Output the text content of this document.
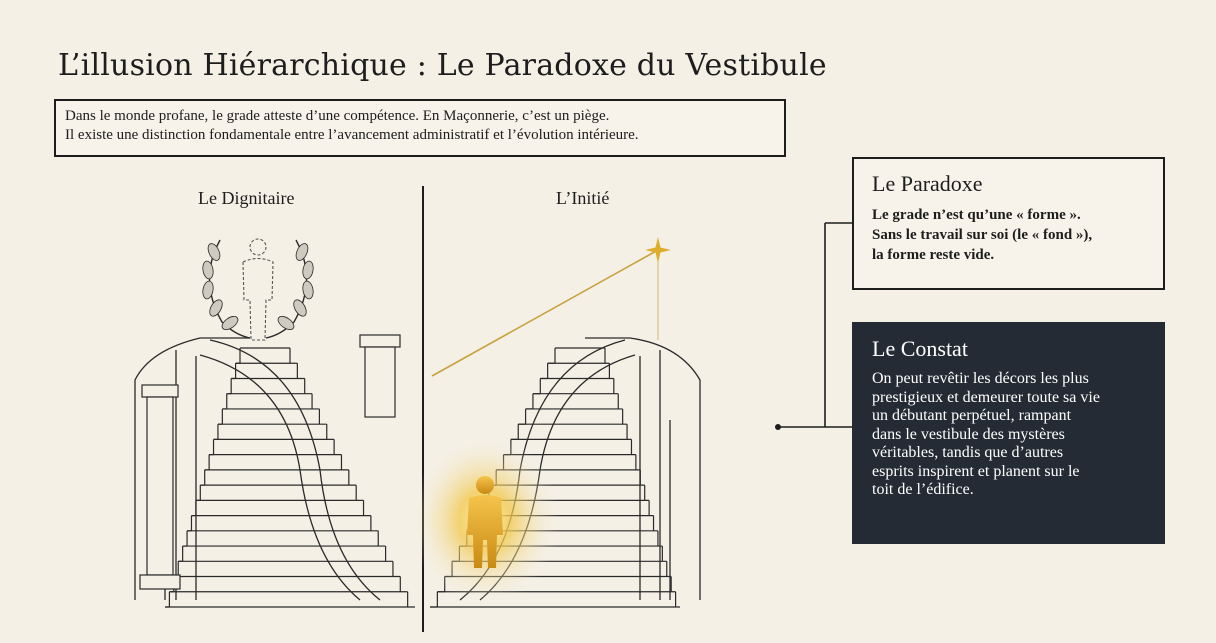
L’illusion Hiérarchique : Le Paradoxe du Vestibule
Dans le monde profane, le grade atteste d’une compétence. En Maçonnerie, c’est un piège.
Il existe une distinction fondamentale entre l’avancement administratif et l’évolution intérieure.
Le Dignitaire	L’Initié
Le Paradoxe
Le grade n’est qu’une « forme ».
Sans le travail sur soi (le « fond »),
la forme reste vide.
Le Constat
On peut revêtir les décors les plus
prestigieux et demeurer toute sa vie
un débutant perpétuel, rampant
dans le vestibule des mystères
véritables, tandis que d’autres
esprits inspirent et planent sur le
toit de l’édifice.
